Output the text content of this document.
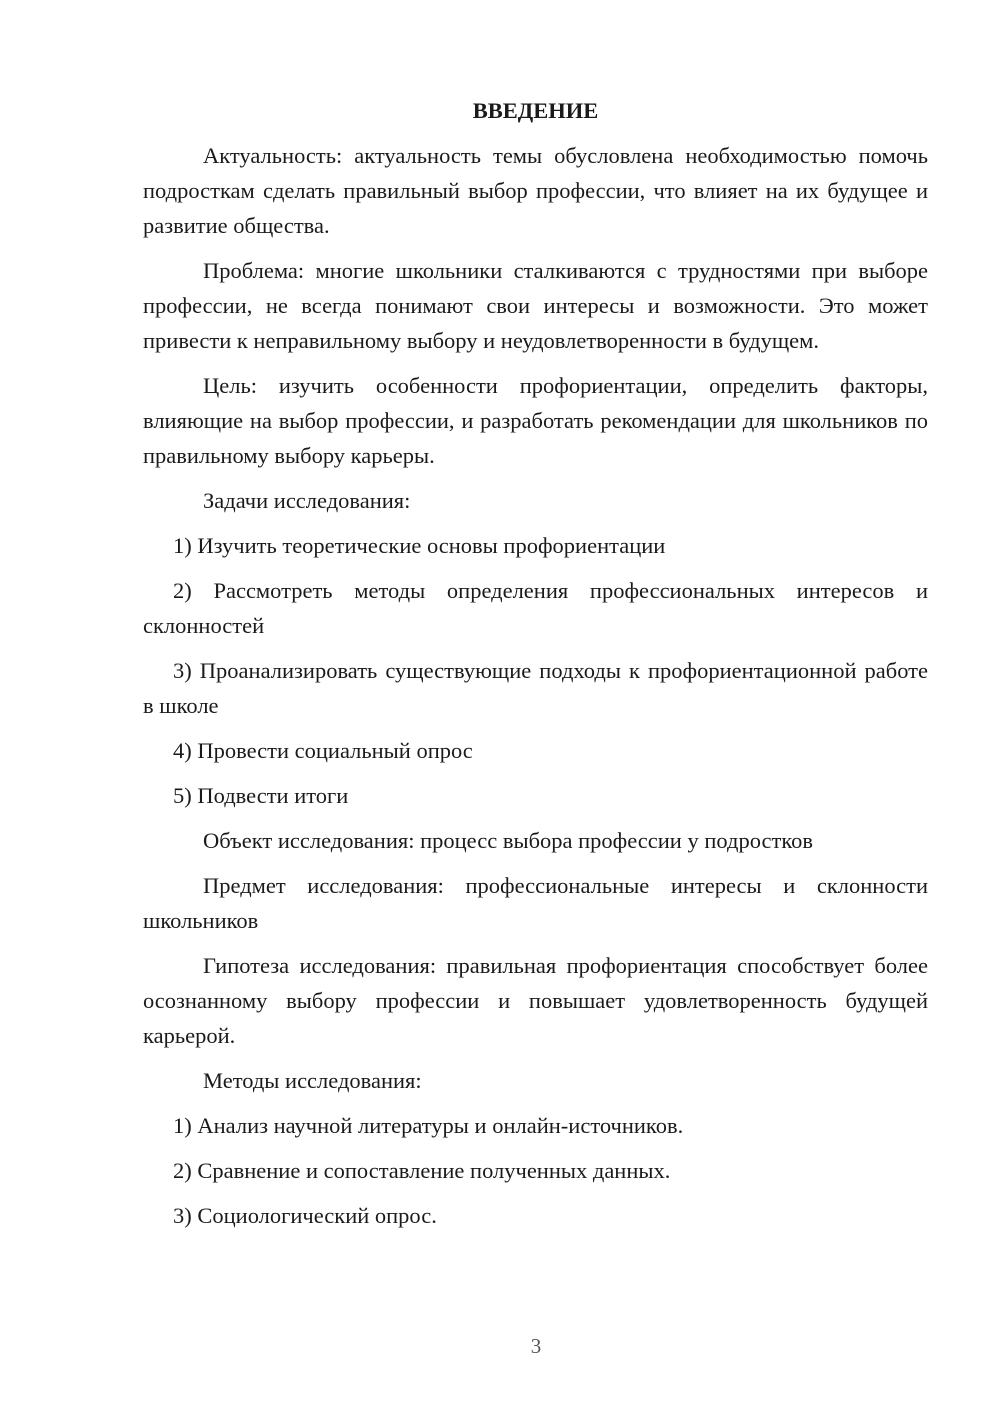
ВВЕДЕНИЕ

Актуальность: актуальность темы обусловлена необходимостью помочь подросткам сделать правильный выбор профессии, что влияет на их будущее и развитие общества.

Проблема: многие школьники сталкиваются с трудностями при выборе профессии, не всегда понимают свои интересы и возможности. Это может привести к неправильному выбору и неудовлетворенности в будущем.

Цель: изучить особенности профориентации, определить факторы, влияющие на выбор профессии, и разработать рекомендации для школьников по правильному выбору карьеры.

Задачи исследования:

1) Изучить теоретические основы профориентации

2) Рассмотреть методы определения профессиональных интересов и склонностей

3) Проанализировать существующие подходы к профориентационной работе в школе

4) Провести социальный опрос

5) Подвести итоги

Объект исследования: процесс выбора профессии у подростков

Предмет исследования: профессиональные интересы и склонности школьников

Гипотеза исследования: правильная профориентация способствует более осознанному выбору профессии и повышает удовлетворенность будущей карьерой.

Методы исследования:

1) Анализ научной литературы и онлайн-источников.

2) Сравнение и сопоставление полученных данных.

3) Социологический опрос.

3
